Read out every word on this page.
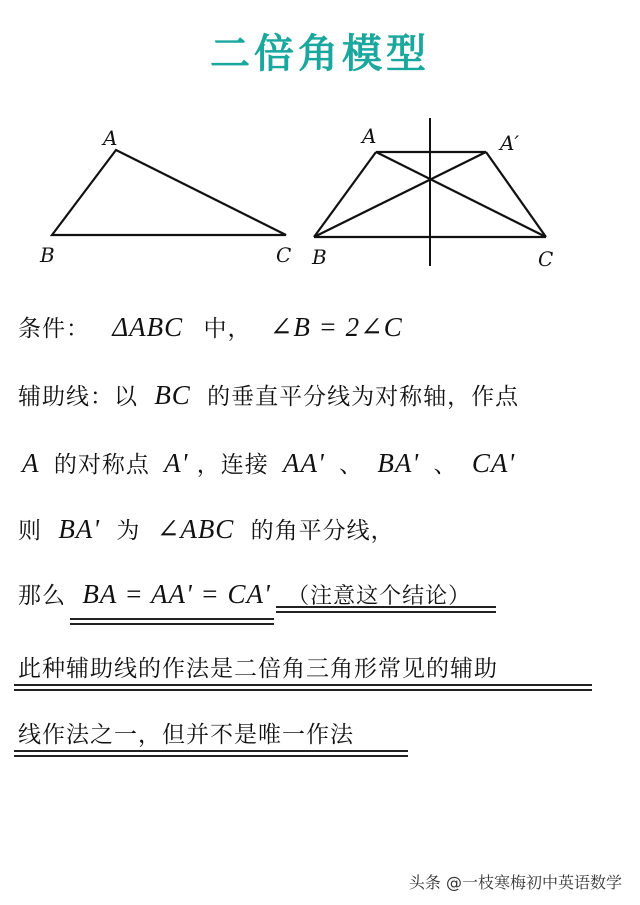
二倍角模型
A
B	C
A	A′
B	C
条件： ΔABC 中， ∠B = 2∠C
辅助线：以 BC 的垂直平分线为对称轴，作点
A 的对称点 A' ，连接 AA' 、 BA' 、 CA'
则 BA' 为 ∠ABC 的角平分线，
那么 BA = AA' = CA' （注意这个结论）
此种辅助线的作法是二倍角三角形常见的辅助
线作法之一，但并不是唯一作法
头条 @一枝寒梅初中英语数学
